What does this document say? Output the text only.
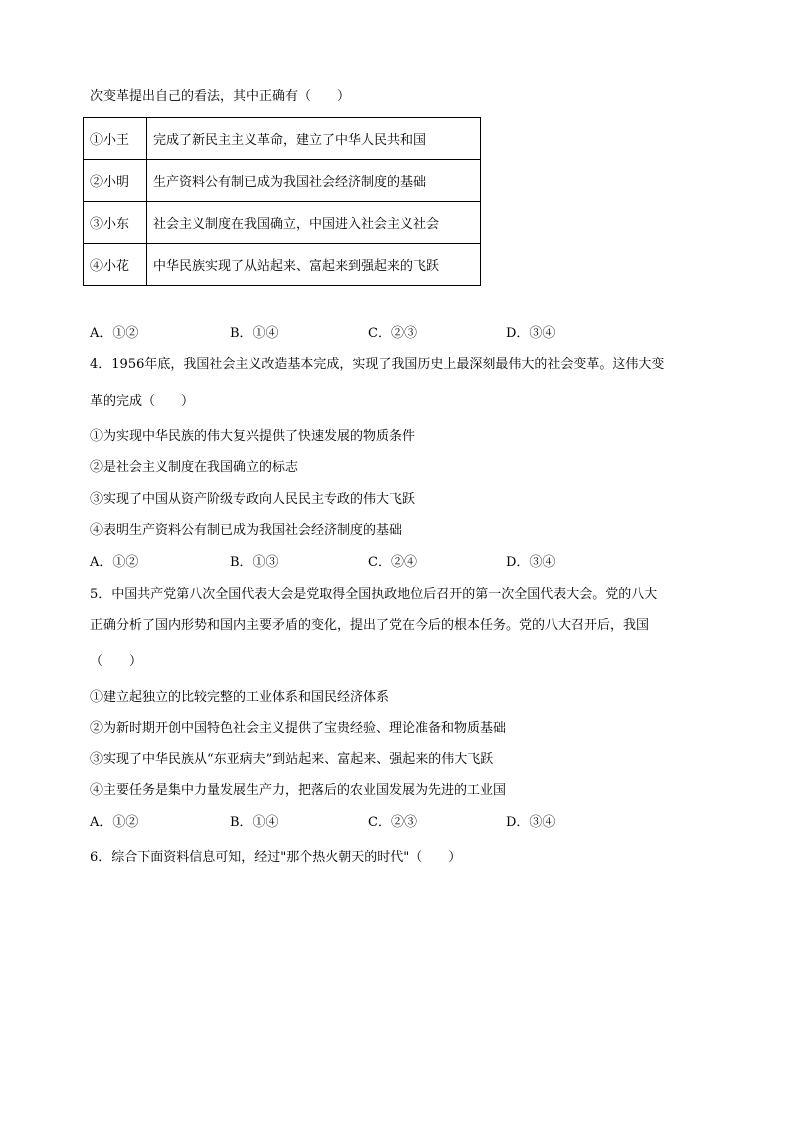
次变革提出自己的看法，其中正确有（　　）
①小王	完成了新民主主义革命，建立了中华人民共和国
②小明	生产资料公有制已成为我国社会经济制度的基础
③小东	社会主义制度在我国确立，中国进入社会主义社会
④小花	中华民族实现了从站起来、富起来到强起来的飞跃
A．①②	B．①④	C．②③	D．③④
4．1956年底，我国社会主义改造基本完成，实现了我国历史上最深刻最伟大的社会变革。这伟大变
革的完成（　　）
①为实现中华民族的伟大复兴提供了快速发展的物质条件
②是社会主义制度在我国确立的标志
③实现了中国从资产阶级专政向人民民主专政的伟大飞跃
④表明生产资料公有制已成为我国社会经济制度的基础
A．①②	B．①③	C．②④	D．③④
5．中国共产党第八次全国代表大会是党取得全国执政地位后召开的第一次全国代表大会。党的八大
正确分析了国内形势和国内主要矛盾的变化，提出了党在今后的根本任务。党的八大召开后，我国
（　　）
①建立起独立的比较完整的工业体系和国民经济体系
②为新时期开创中国特色社会主义提供了宝贵经验、理论准备和物质基础
③实现了中华民族从“东亚病夫”到站起来、富起来、强起来的伟大飞跃
④主要任务是集中力量发展生产力，把落后的农业国发展为先进的工业国
A．①②	B．①④	C．②③	D．③④
6．综合下面资料信息可知，经过"那个热火朝天的时代"（　　）
